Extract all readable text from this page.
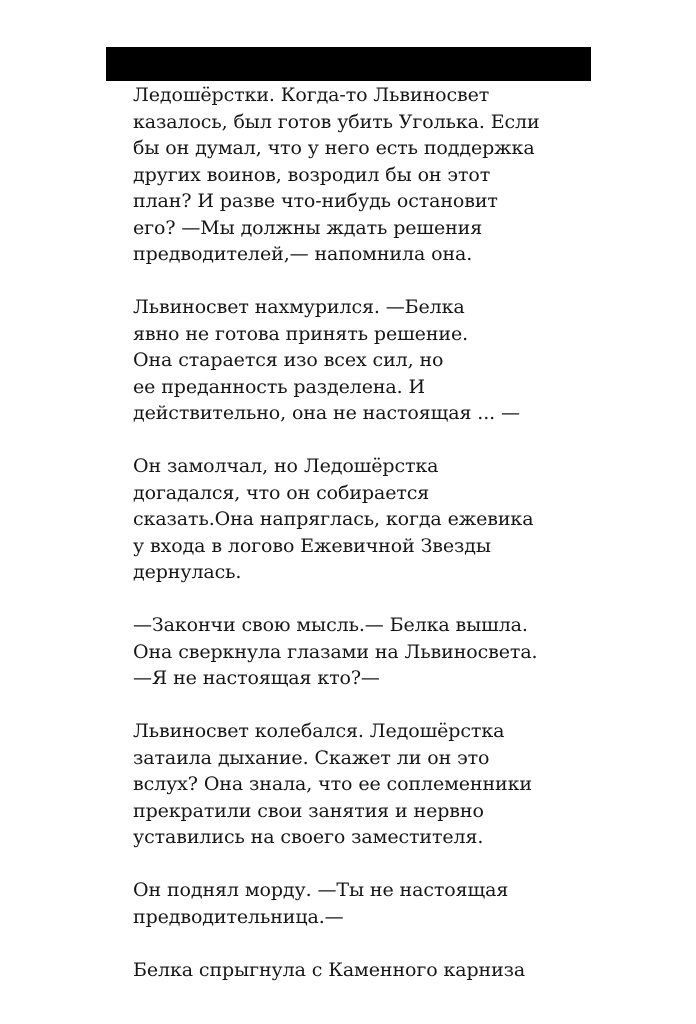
Ледошёрстки. Когда-то Львиносвет
казалось, был готов убить Уголька. Если
бы он думал, что у него есть поддержка
других воинов, возродил бы он этот
план? И разве что-нибудь остановит
его? —Мы должны ждать решения
предводителей,— напомнила она.

Львиносвет нахмурился. —Белка
явно не готова принять решение.
Она старается изо всех сил, но
ее преданность разделена. И
действительно, она не настоящая ... —

Он замолчал, но Ледошёрстка
догадался, что он собирается
сказать.Она напряглась, когда ежевика
у входа в логово Ежевичной Звезды
дернулась.

—Закончи свою мысль.— Белка вышла.
Она сверкнула глазами на Львиносвета.
—Я не настоящая кто?—

Львиносвет колебался. Ледошёрстка
затаила дыхание. Скажет ли он это
вслух? Она знала, что ее соплеменники
прекратили свои занятия и нервно
уставились на своего заместителя.

Он поднял морду. —Ты не настоящая
предводительница.—

Белка спрыгнула с Каменного карниза
